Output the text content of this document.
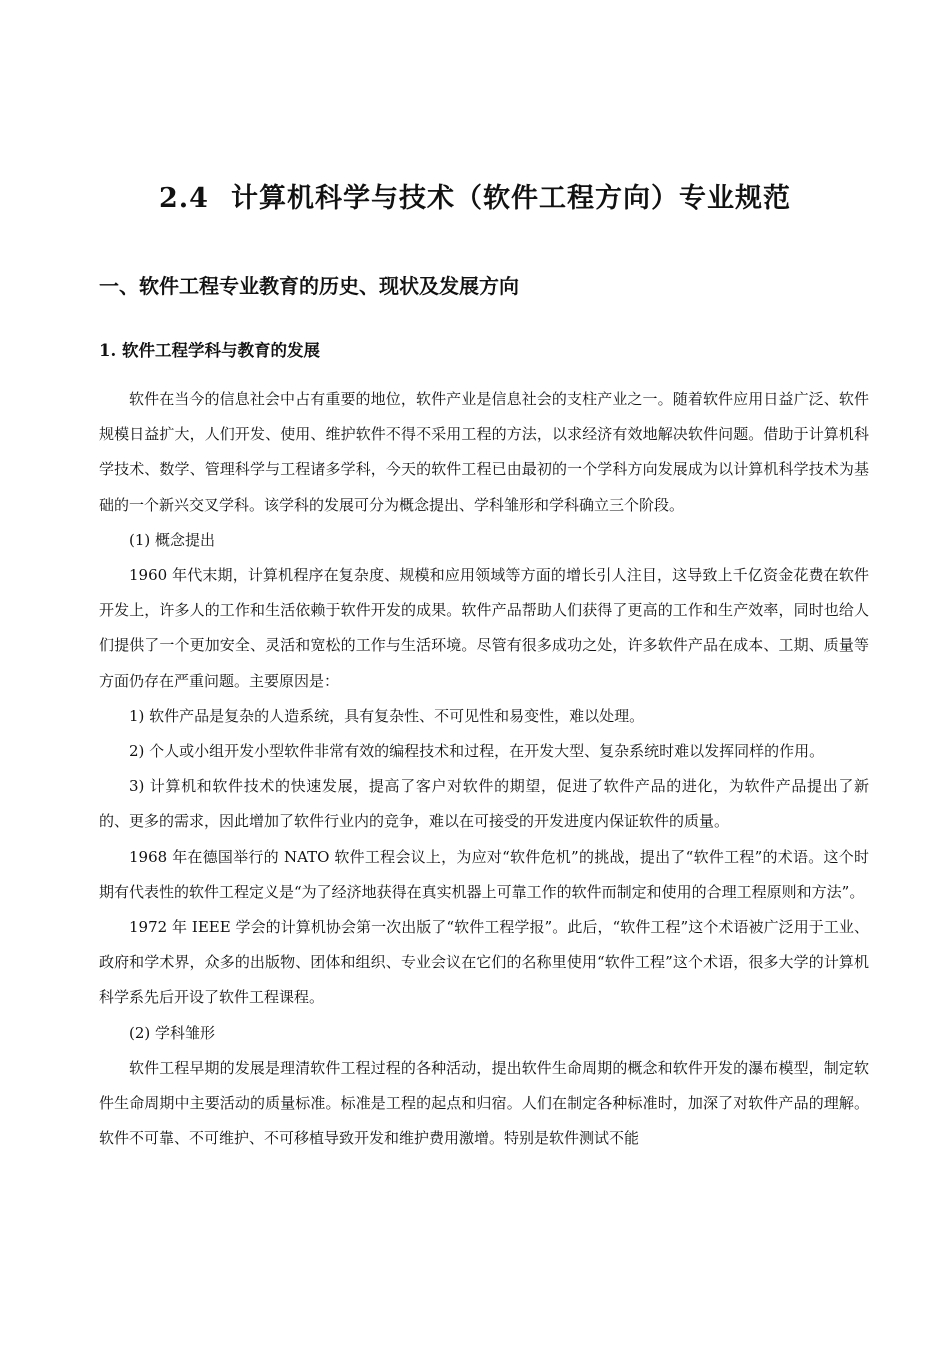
2.4 计算机科学与技术（软件工程方向）专业规范
一、软件工程专业教育的历史、现状及发展方向
1. 软件工程学科与教育的发展

软件在当今的信息社会中占有重要的地位，软件产业是信息社会的支柱产业之一。随着软件应用日益广泛、软件规模日益扩大，人们开发、使用、维护软件不得不采用工程的方法，以求经济有效地解决软件问题。借助于计算机科学技术、数学、管理科学与工程诸多学科，今天的软件工程已由最初的一个学科方向发展成为以计算机科学技术为基础的一个新兴交叉学科。该学科的发展可分为概念提出、学科雏形和学科确立三个阶段。

(1) 概念提出

1960 年代末期，计算机程序在复杂度、规模和应用领域等方面的增长引人注目，这导致上千亿资金花费在软件开发上，许多人的工作和生活依赖于软件开发的成果。软件产品帮助人们获得了更高的工作和生产效率，同时也给人们提供了一个更加安全、灵活和宽松的工作与生活环境。尽管有很多成功之处，许多软件产品在成本、工期、质量等方面仍存在严重问题。主要原因是：

1) 软件产品是复杂的人造系统，具有复杂性、不可见性和易变性，难以处理。

2) 个人或小组开发小型软件非常有效的编程技术和过程，在开发大型、复杂系统时难以发挥同样的作用。

3) 计算机和软件技术的快速发展，提高了客户对软件的期望，促进了软件产品的进化，为软件产品提出了新的、更多的需求，因此增加了软件行业内的竞争，难以在可接受的开发进度内保证软件的质量。

1968 年在德国举行的 NATO 软件工程会议上，为应对“软件危机”的挑战，提出了“软件工程”的术语。这个时期有代表性的软件工程定义是“为了经济地获得在真实机器上可靠工作的软件而制定和使用的合理工程原则和方法”。

1972 年 IEEE 学会的计算机协会第一次出版了“软件工程学报”。此后，“软件工程”这个术语被广泛用于工业、政府和学术界，众多的出版物、团体和组织、专业会议在它们的名称里使用“软件工程”这个术语，很多大学的计算机科学系先后开设了软件工程课程。

(2) 学科雏形

软件工程早期的发展是理清软件工程过程的各种活动，提出软件生命周期的概念和软件开发的瀑布模型，制定软件生命周期中主要活动的质量标准。标准是工程的起点和归宿。人们在制定各种标准时，加深了对软件产品的理解。软件不可靠、不可维护、不可移植导致开发和维护费用激增。特别是软件测试不能
